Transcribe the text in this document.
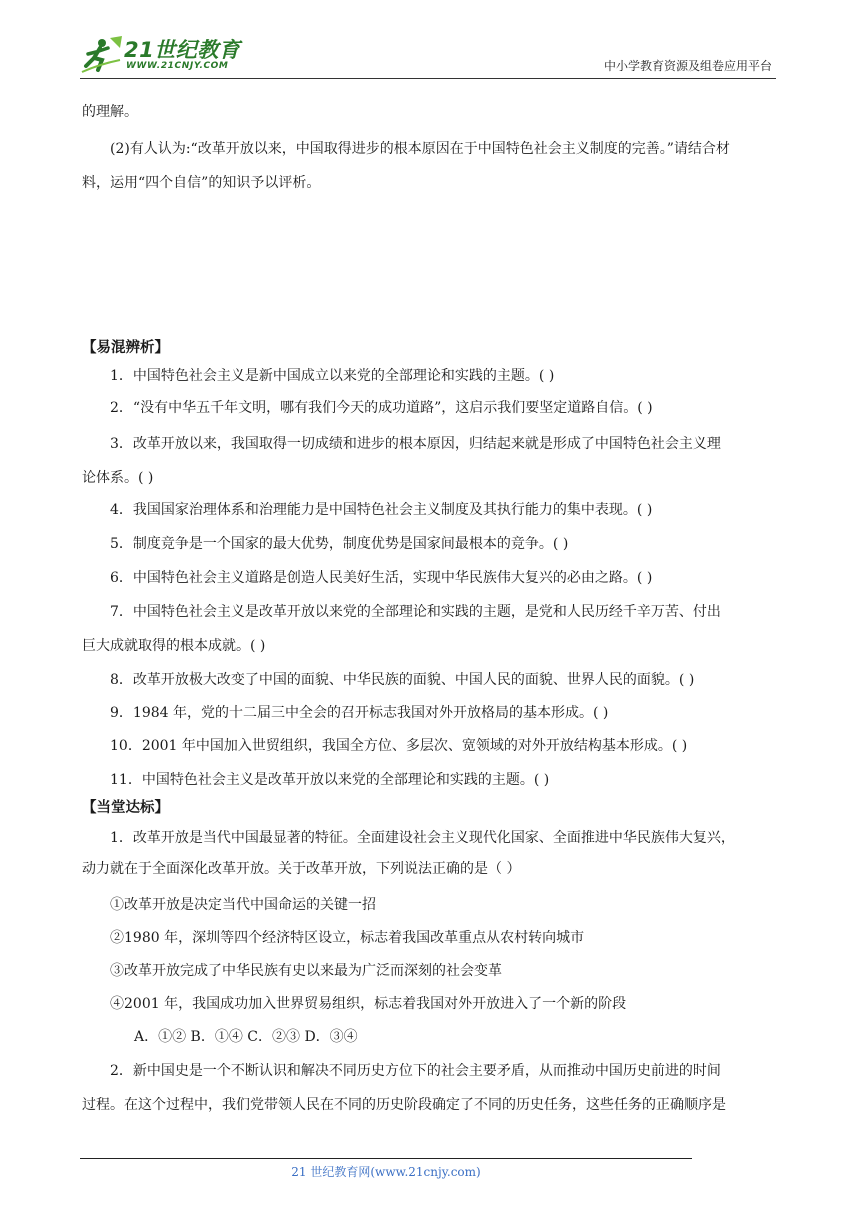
21世纪教育
WWW.21CNJY.COM	中小学教育资源及组卷应用平台
的理解。
(2)有人认为:“改革开放以来，中国取得进步的根本原因在于中国特色社会主义制度的完善。”请结合材
料，运用“四个自信”的知识予以评析。
【易混辨析】
1．中国特色社会主义是新中国成立以来党的全部理论和实践的主题。( )
2．“没有中华五千年文明，哪有我们今天的成功道路”，这启示我们要坚定道路自信。( )
3．改革开放以来，我国取得一切成绩和进步的根本原因，归结起来就是形成了中国特色社会主义理
论体系。( )
4．我国国家治理体系和治理能力是中国特色社会主义制度及其执行能力的集中表现。( )
5．制度竞争是一个国家的最大优势，制度优势是国家间最根本的竞争。( )
6．中国特色社会主义道路是创造人民美好生活，实现中华民族伟大复兴的必由之路。( )
7．中国特色社会主义是改革开放以来党的全部理论和实践的主题，是党和人民历经千辛万苦、付出
巨大成就取得的根本成就。( )
8．改革开放极大改变了中国的面貌、中华民族的面貌、中国人民的面貌、世界人民的面貌。( )
9．1984 年，党的十二届三中全会的召开标志我国对外开放格局的基本形成。( )
10．2001 年中国加入世贸组织，我国全方位、多层次、宽领域的对外开放结构基本形成。( )
11．中国特色社会主义是改革开放以来党的全部理论和实践的主题。( )
【当堂达标】
1．改革开放是当代中国最显著的特征。全面建设社会主义现代化国家、全面推进中华民族伟大复兴，
动力就在于全面深化改革开放。关于改革开放，下列说法正确的是（ ）
①改革开放是决定当代中国命运的关键一招
②1980 年，深圳等四个经济特区设立，标志着我国改革重点从农村转向城市
③改革开放完成了中华民族有史以来最为广泛而深刻的社会变革
④2001 年，我国成功加入世界贸易组织，标志着我国对外开放进入了一个新的阶段
A．①② B．①④ C．②③ D．③④
2．新中国史是一个不断认识和解决不同历史方位下的社会主要矛盾，从而推动中国历史前进的时间
过程。在这个过程中，我们党带领人民在不同的历史阶段确定了不同的历史任务，这些任务的正确顺序是
21 世纪教育网(www.21cnjy.com)
